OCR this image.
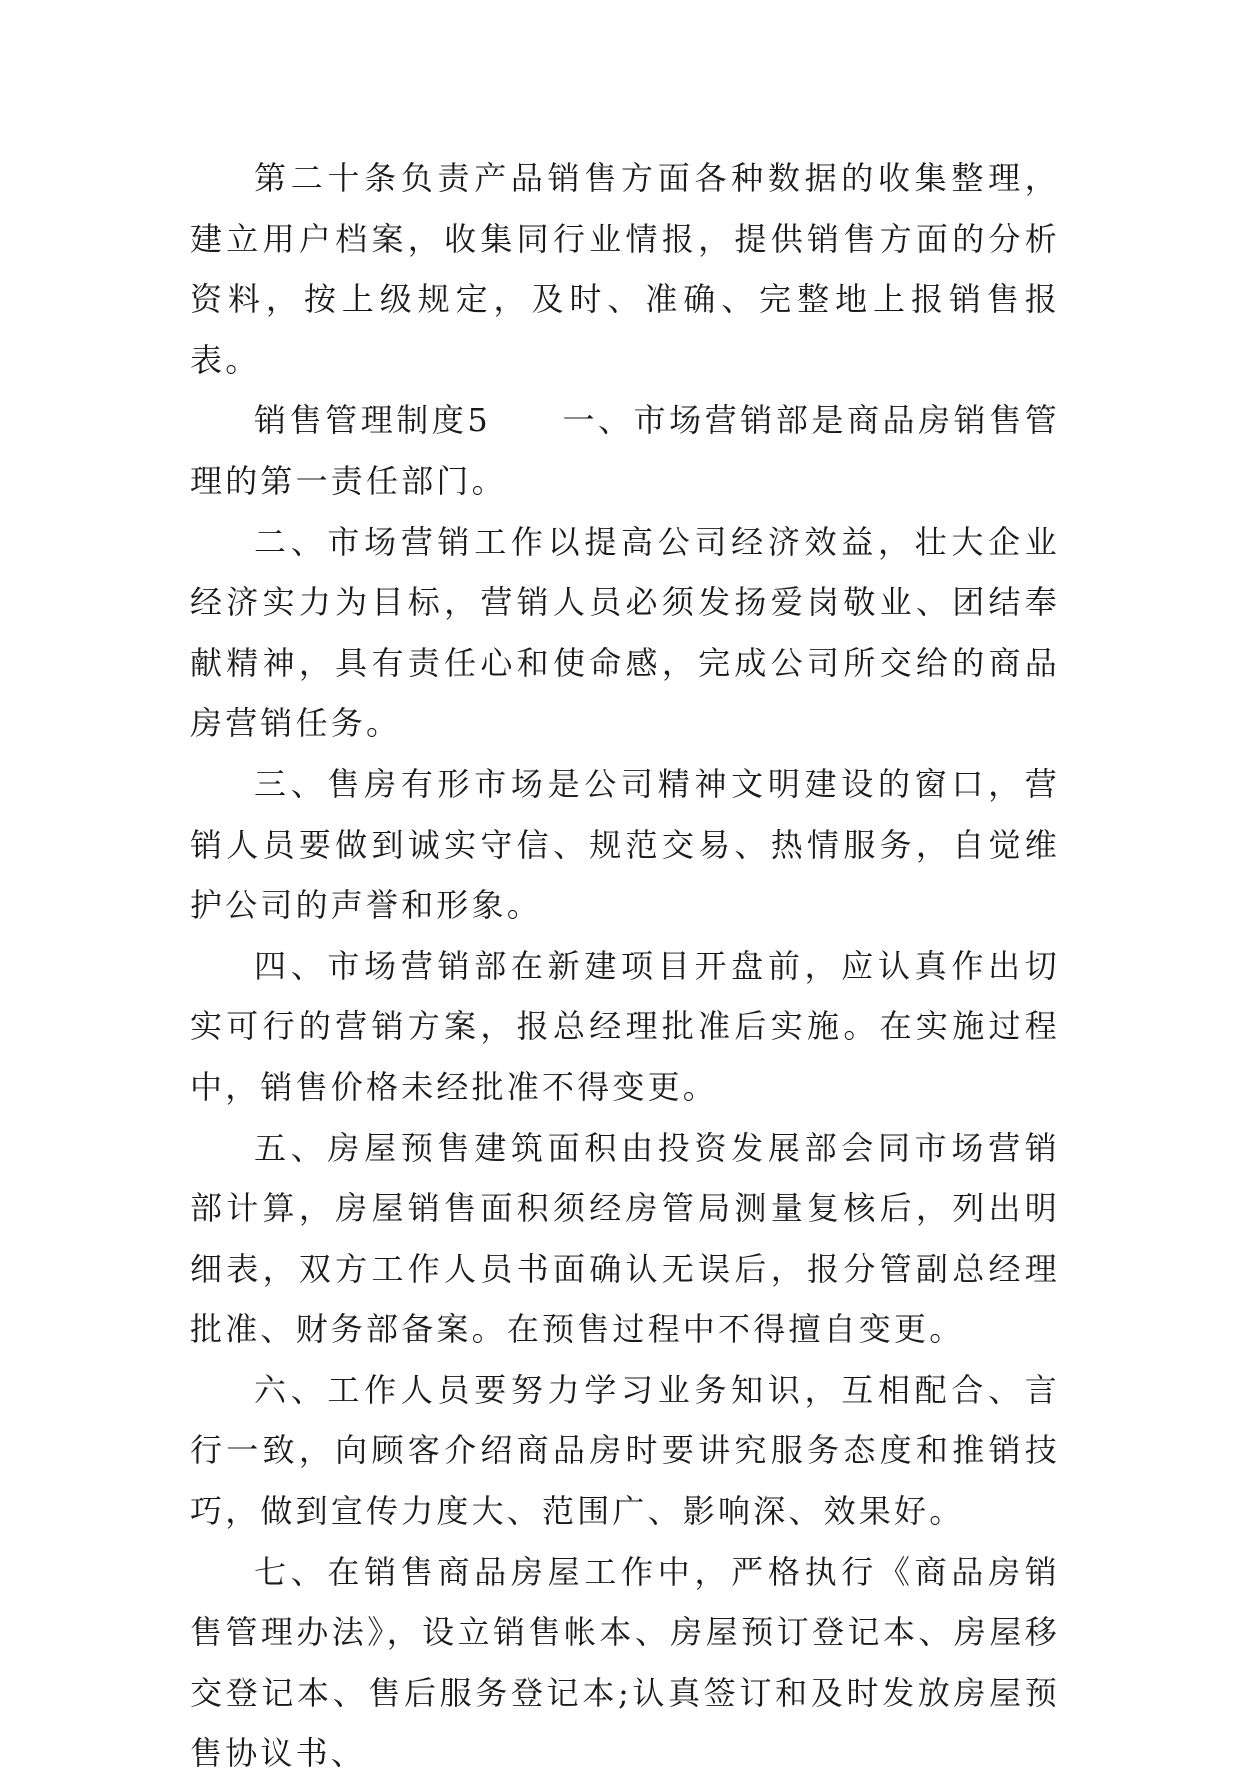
第二十条负责产品销售方面各种数据的收集整理，建立用户档案，收集同行业情报，提供销售方面的分析资料，按上级规定，及时、准确、完整地上报销售报表。

销售管理制度5　　一、市场营销部是商品房销售管理的第一责任部门。

二、市场营销工作以提高公司经济效益，壮大企业经济实力为目标，营销人员必须发扬爱岗敬业、团结奉献精神，具有责任心和使命感，完成公司所交给的商品房营销任务。

三、售房有形市场是公司精神文明建设的窗口，营销人员要做到诚实守信、规范交易、热情服务，自觉维护公司的声誉和形象。

四、市场营销部在新建项目开盘前，应认真作出切实可行的营销方案，报总经理批准后实施。在实施过程中，销售价格未经批准不得变更。

五、房屋预售建筑面积由投资发展部会同市场营销部计算，房屋销售面积须经房管局测量复核后，列出明细表，双方工作人员书面确认无误后，报分管副总经理批准、财务部备案。在预售过程中不得擅自变更。

六、工作人员要努力学习业务知识，互相配合、言行一致，向顾客介绍商品房时要讲究服务态度和推销技巧，做到宣传力度大、范围广、影响深、效果好。

七、在销售商品房屋工作中，严格执行《商品房销售管理办法》，设立销售帐本、房屋预订登记本、房屋移交登记本、售后服务登记本;认真签订和及时发放房屋预售协议书、
